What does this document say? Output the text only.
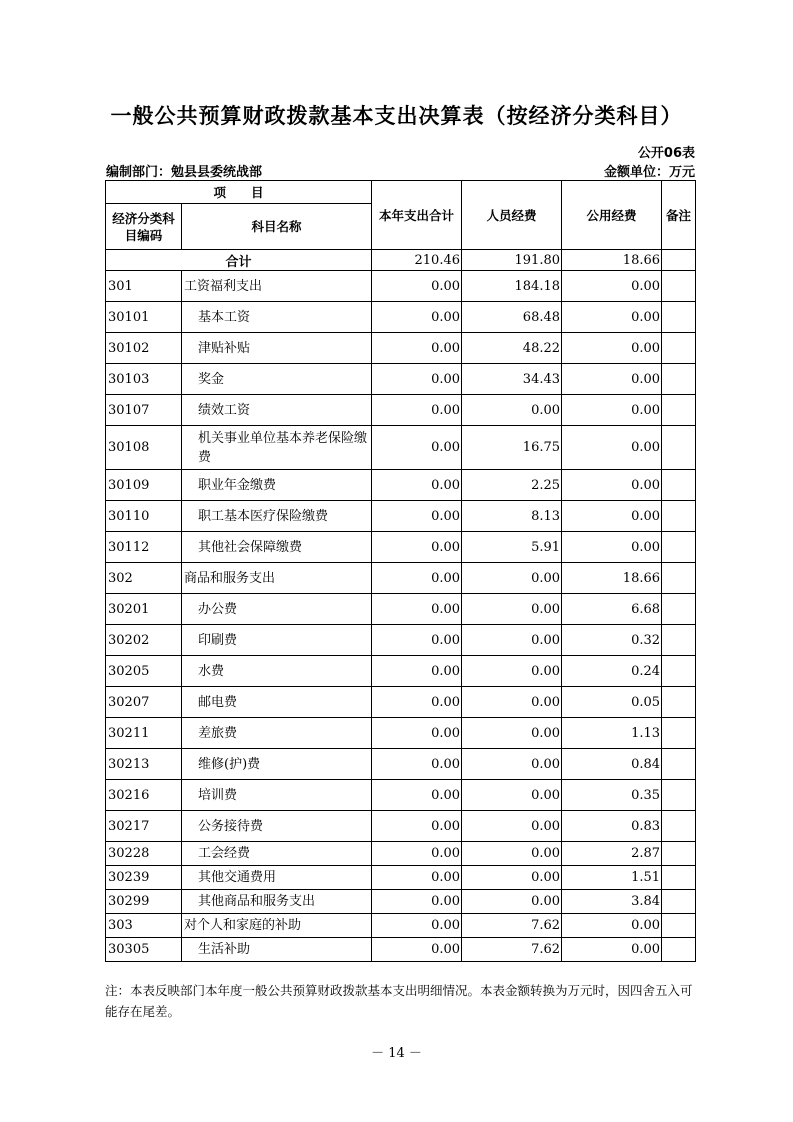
一般公共预算财政拨款基本支出决算表（按经济分类科目）
公开06表
编制部门：勉县县委统战部	金额单位：万元
项　　目		本年支出合计	人员经费	公用经费	备注
经济分类科目编码	科目名称				
合计		210.46	191.80	18.66	
301	工资福利支出	0.00	184.18	0.00	
30101	基本工资	0.00	68.48	0.00	
30102	津贴补贴	0.00	48.22	0.00	
30103	奖金	0.00	34.43	0.00	
30107	绩效工资	0.00	0.00	0.00	
30108	机关事业单位基本养老保险缴费	0.00	16.75	0.00	
30109	职业年金缴费	0.00	2.25	0.00	
30110	职工基本医疗保险缴费	0.00	8.13	0.00	
30112	其他社会保障缴费	0.00	5.91	0.00	
302	商品和服务支出	0.00	0.00	18.66	
30201	办公费	0.00	0.00	6.68	
30202	印刷费	0.00	0.00	0.32	
30205	水费	0.00	0.00	0.24	
30207	邮电费	0.00	0.00	0.05	
30211	差旅费	0.00	0.00	1.13	
30213	维修(护)费	0.00	0.00	0.84	
30216	培训费	0.00	0.00	0.35	
30217	公务接待费	0.00	0.00	0.83	
30228	工会经费	0.00	0.00	2.87	
30239	其他交通费用	0.00	0.00	1.51	
30299	其他商品和服务支出	0.00	0.00	3.84	
303	对个人和家庭的补助	0.00	7.62	0.00	
30305	生活补助	0.00	7.62	0.00	
注：本表反映部门本年度一般公共预算财政拨款基本支出明细情况。本表金额转换为万元时，因四舍五入可能存在尾差。
－ 14 －
